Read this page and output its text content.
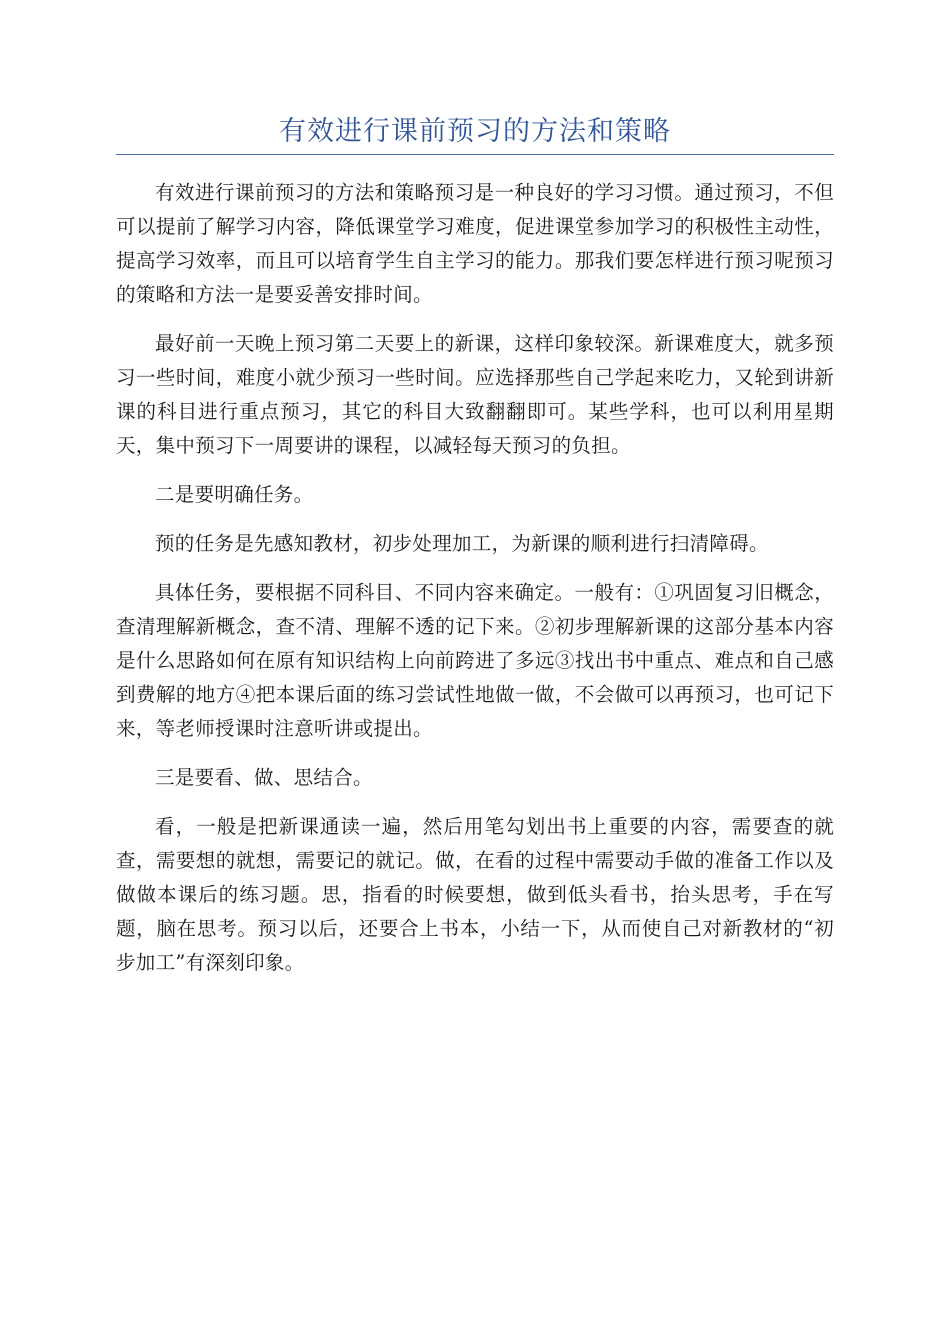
有效进行课前预习的方法和策略

有效进行课前预习的方法和策略预习是一种良好的学习习惯。通过预习，不但可以提前了解学习内容，降低课堂学习难度，促进课堂参加学习的积极性主动性，提高学习效率，而且可以培育学生自主学习的能力。那我们要怎样进行预习呢预习的策略和方法一是要妥善安排时间。

最好前一天晚上预习第二天要上的新课，这样印象较深。新课难度大，就多预习一些时间，难度小就少预习一些时间。应选择那些自己学起来吃力，又轮到讲新课的科目进行重点预习，其它的科目大致翻翻即可。某些学科，也可以利用星期天，集中预习下一周要讲的课程，以减轻每天预习的负担。

二是要明确任务。

预的任务是先感知教材，初步处理加工，为新课的顺利进行扫清障碍。

具体任务，要根据不同科目、不同内容来确定。一般有：①巩固复习旧概念，查清理解新概念，查不清、理解不透的记下来。②初步理解新课的这部分基本内容是什么思路如何在原有知识结构上向前跨进了多远③找出书中重点、难点和自己感到费解的地方④把本课后面的练习尝试性地做一做，不会做可以再预习，也可记下来，等老师授课时注意听讲或提出。

三是要看、做、思结合。

看，一般是把新课通读一遍，然后用笔勾划出书上重要的内容，需要查的就查，需要想的就想，需要记的就记。做，在看的过程中需要动手做的准备工作以及做做本课后的练习题。思，指看的时候要想，做到低头看书，抬头思考，手在写题，脑在思考。预习以后，还要合上书本，小结一下，从而使自己对新教材的“初步加工”有深刻印象。
